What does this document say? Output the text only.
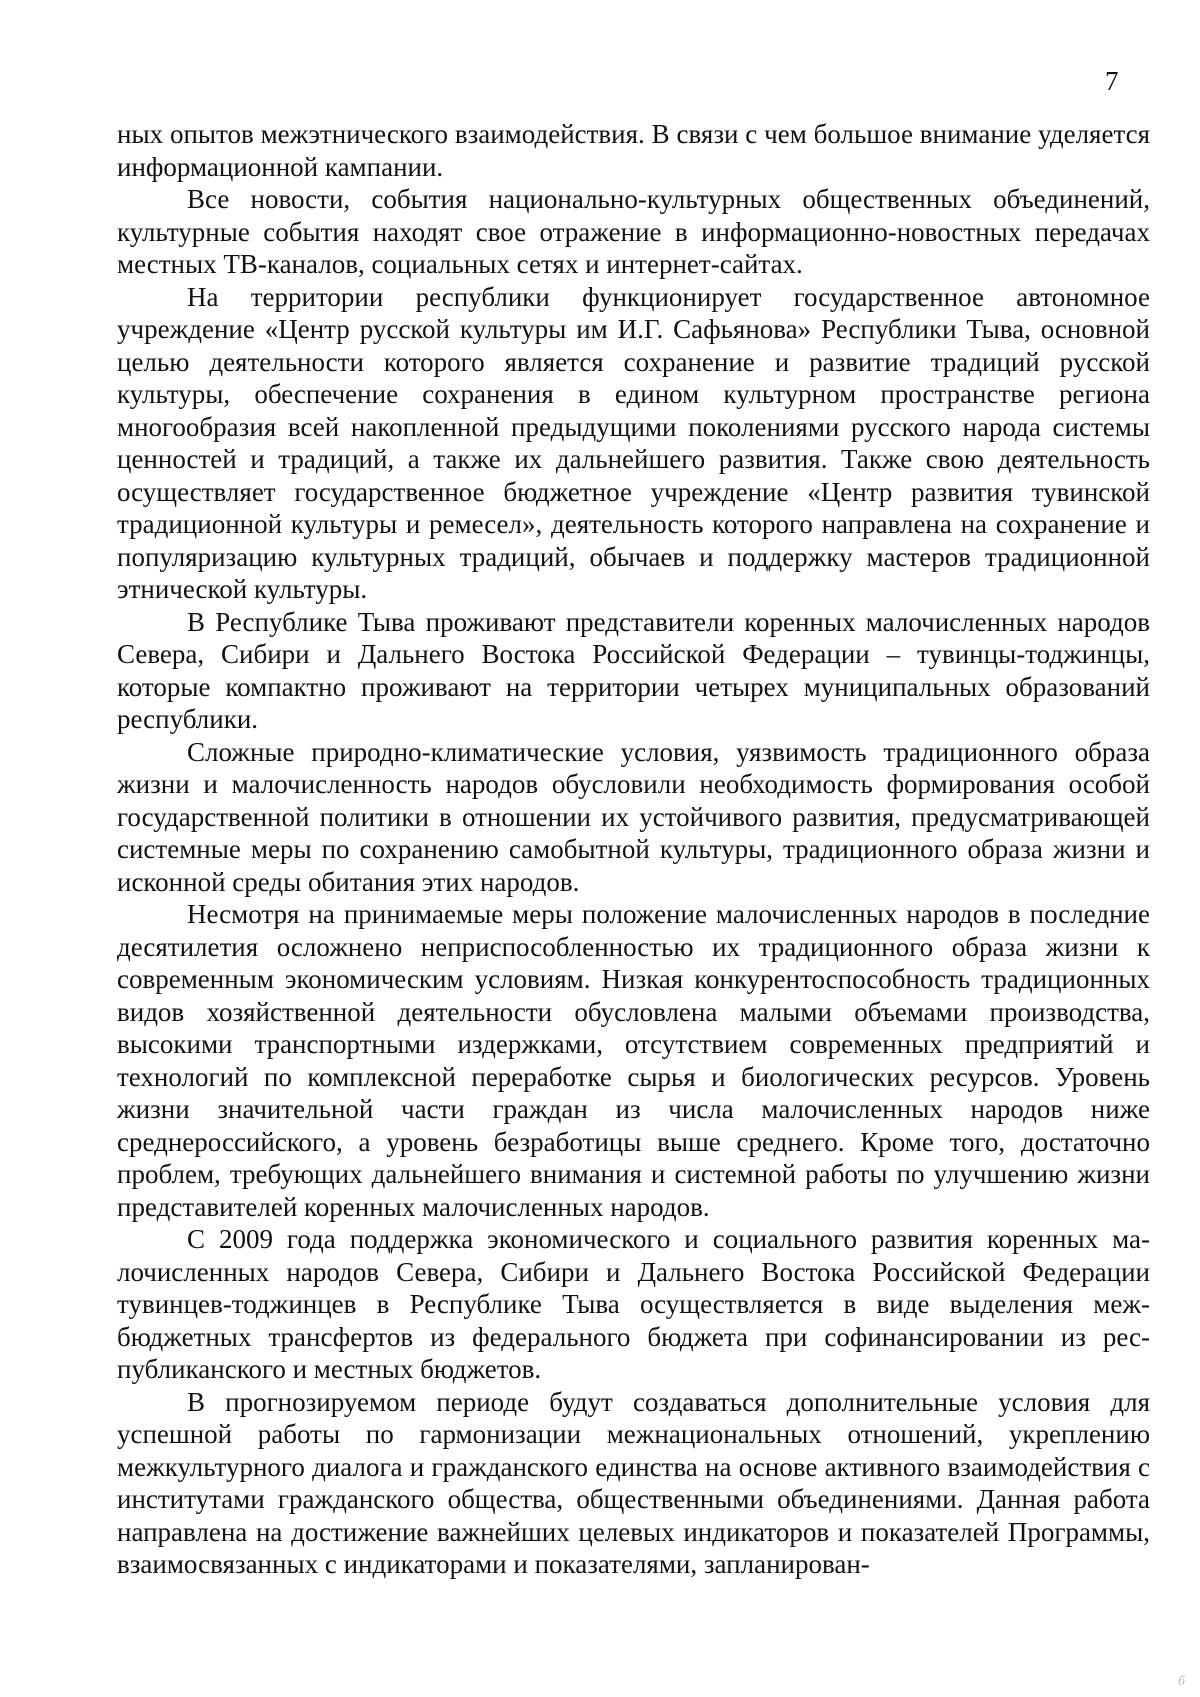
7

ных опытов межэтнического взаимодействия. В связи с чем большое внимание уделяется информационной кампании.

Все новости, события национально-культурных общественных объединений, культурные события находят свое отражение в информационно-новостных передачах местных ТВ-каналов, социальных сетях и интернет-сайтах.

На территории республики функционирует государственное автономное учреждение «Центр русской культуры им И.Г. Сафьянова» Республики Тыва, основной целью деятельности которого является сохранение и развитие традиций русской культуры, обеспечение сохранения в едином культурном пространстве региона многообразия всей накопленной предыдущими поколениями русского народа системы ценностей и традиций, а также их дальнейшего развития. Также свою деятельность осуществляет государственное бюджетное учреждение «Центр развития тувинской традиционной культуры и ремесел», деятельность которого направлена на сохранение и популяризацию культурных традиций, обычаев и поддержку мастеров традиционной этнической культуры.

В Республике Тыва проживают представители коренных малочисленных народов Севера, Сибири и Дальнего Востока Российской Федерации – тувинцы-тоджинцы, которые компактно проживают на территории четырех муниципальных образований республики.

Сложные природно-климатические условия, уязвимость традиционного образа жизни и малочисленность народов обусловили необходимость формирования особой государственной политики в отношении их устойчивого развития, предусматривающей системные меры по сохранению самобытной культуры, традиционного образа жизни и исконной среды обитания этих народов.

Несмотря на принимаемые меры положение малочисленных народов в последние десятилетия осложнено неприспособленностью их традиционного образа жизни к современным экономическим условиям. Низкая конкурентоспособность традиционных видов хозяйственной деятельности обусловлена малыми объемами производства, высокими транспортными издержками, отсутствием современных предприятий и технологий по комплексной переработке сырья и биологических ресурсов. Уровень жизни значительной части граждан из числа малочисленных народов ниже среднероссийского, а уровень безработицы выше среднего. Кроме того, достаточно проблем, требующих дальнейшего внимания и системной работы по улучшению жизни представителей коренных малочисленных народов.

С 2009 года поддержка экономического и социального развития коренных малочисленных народов Севера, Сибири и Дальнего Востока Российской Федерации тувинцев-тоджинцев в Республике Тыва осуществляется в виде выделения межбюджетных трансфертов из федерального бюджета при софинансировании из республиканского и местных бюджетов.

В прогнозируемом периоде будут создаваться дополнительные условия для успешной работы по гармонизации межнациональных отношений, укреплению межкультурного диалога и гражданского единства на основе активного взаимодействия с институтами гражданского общества, общественными объединениями. Данная работа направлена на достижение важнейших целевых индикаторов и показателей Программы, взаимосвязанных с индикаторами и показателями, запланирован-

б
